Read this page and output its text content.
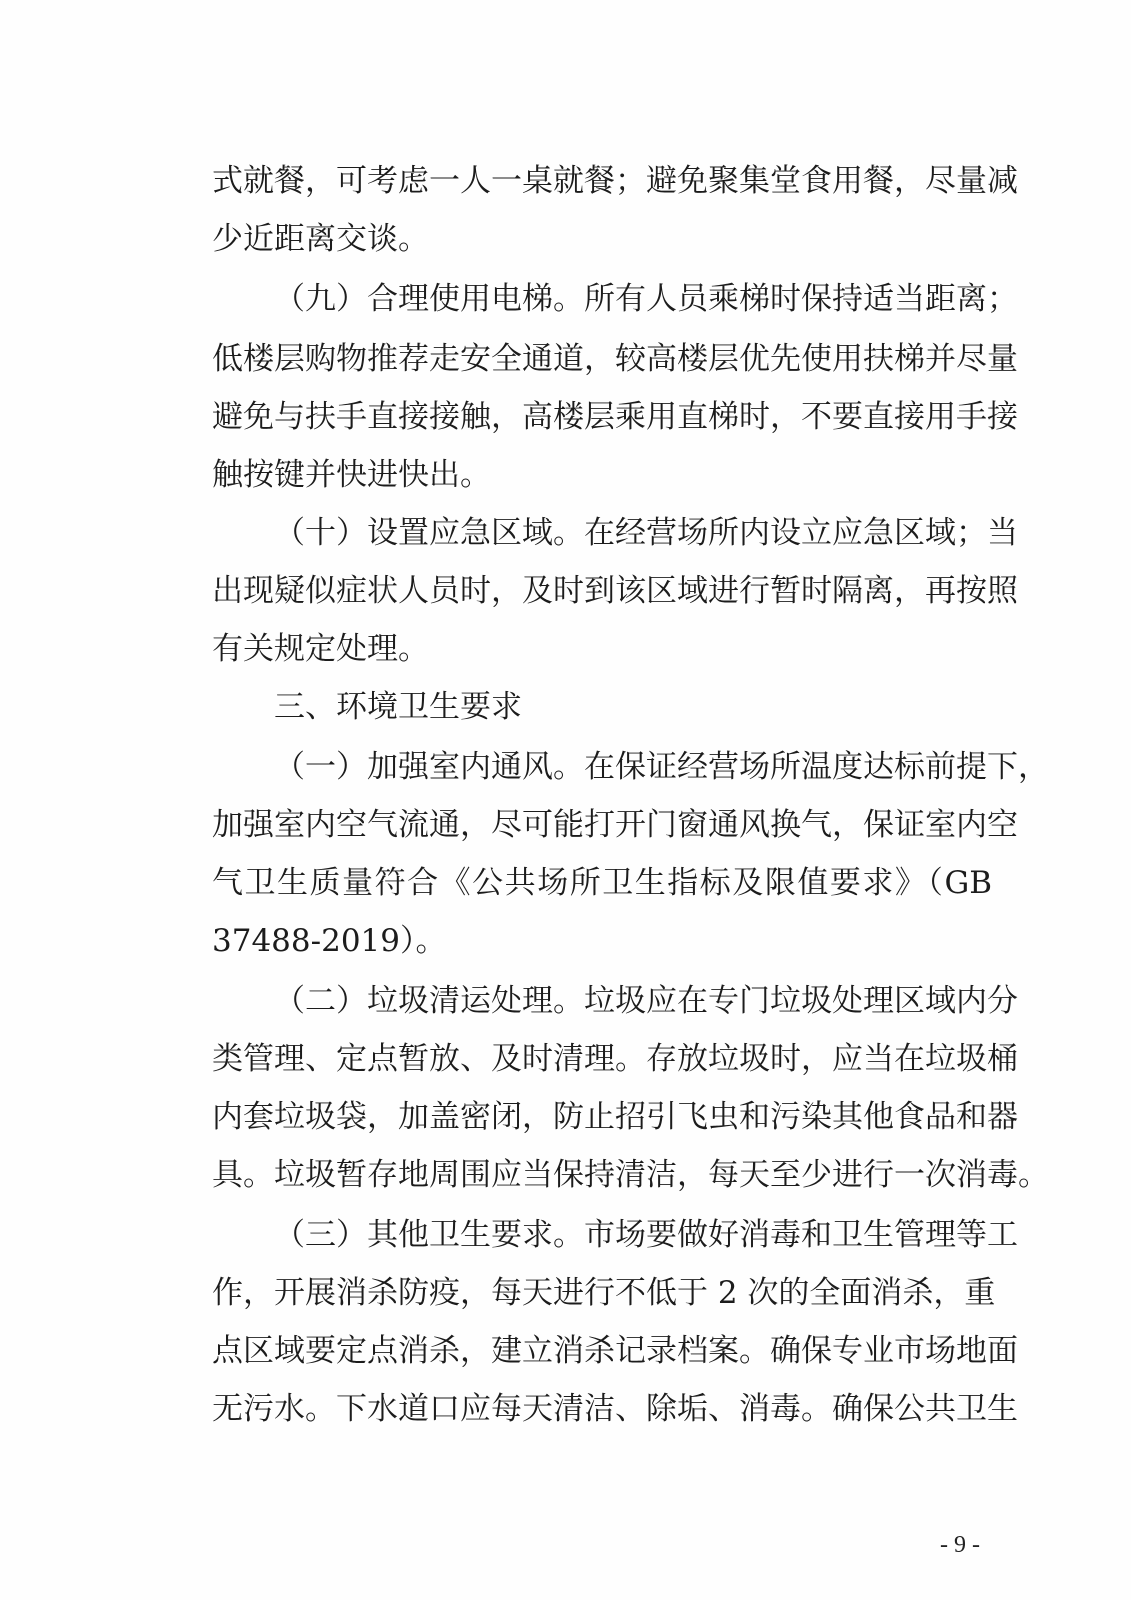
式就餐，可考虑一人一桌就餐；避免聚集堂食用餐，尽量减
少近距离交谈。
（九）合理使用电梯。所有人员乘梯时保持适当距离；
低楼层购物推荐走安全通道，较高楼层优先使用扶梯并尽量
避免与扶手直接接触，高楼层乘用直梯时，不要直接用手接
触按键并快进快出。
（十）设置应急区域。在经营场所内设立应急区域；当
出现疑似症状人员时，及时到该区域进行暂时隔离，再按照
有关规定处理。
三、环境卫生要求
（一）加强室内通风。在保证经营场所温度达标前提下，
加强室内空气流通，尽可能打开门窗通风换气，保证室内空
气卫生质量符合《公共场所卫生指标及限值要求》（GB
37488-2019）。
（二）垃圾清运处理。垃圾应在专门垃圾处理区域内分
类管理、定点暂放、及时清理。存放垃圾时，应当在垃圾桶
内套垃圾袋，加盖密闭，防止招引飞虫和污染其他食品和器
具。垃圾暂存地周围应当保持清洁，每天至少进行一次消毒。
（三）其他卫生要求。市场要做好消毒和卫生管理等工
作，开展消杀防疫，每天进行不低于 2 次的全面消杀，重
点区域要定点消杀，建立消杀记录档案。确保专业市场地面
无污水。下水道口应每天清洁、除垢、消毒。确保公共卫生
- 9 -
